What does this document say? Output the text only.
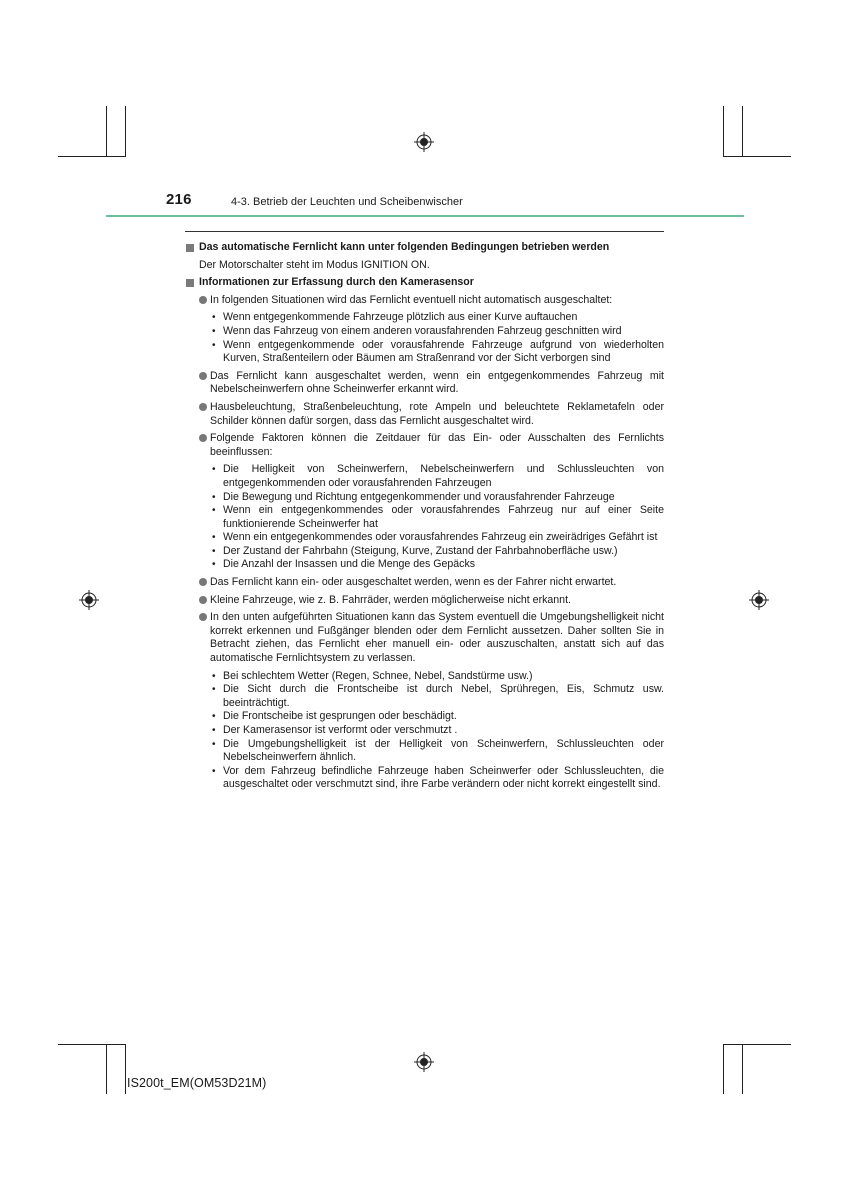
216	4-3. Betrieb der Leuchten und Scheibenwischer
Das automatische Fernlicht kann unter folgenden Bedingungen betrieben werden
Der Motorschalter steht im Modus IGNITION ON.
Informationen zur Erfassung durch den Kamerasensor
In folgenden Situationen wird das Fernlicht eventuell nicht automatisch ausgeschaltet:
• Wenn entgegenkommende Fahrzeuge plötzlich aus einer Kurve auftauchen
• Wenn das Fahrzeug von einem anderen vorausfahrenden Fahrzeug geschnitten wird
• Wenn entgegenkommende oder vorausfahrende Fahrzeuge aufgrund von wiederholten Kurven, Straßenteilern oder Bäumen am Straßenrand vor der Sicht verborgen sind
Das Fernlicht kann ausgeschaltet werden, wenn ein entgegenkommendes Fahrzeug mit Nebelscheinwerfern ohne Scheinwerfer erkannt wird.
Hausbeleuchtung, Straßenbeleuchtung, rote Ampeln und beleuchtete Reklametafeln oder Schilder können dafür sorgen, dass das Fernlicht ausgeschaltet wird.
Folgende Faktoren können die Zeitdauer für das Ein- oder Ausschalten des Fernlichts beeinflussen:
• Die Helligkeit von Scheinwerfern, Nebelscheinwerfern und Schlussleuchten von entgegenkommenden oder vorausfahrenden Fahrzeugen
• Die Bewegung und Richtung entgegenkommender und vorausfahrender Fahrzeuge
• Wenn ein entgegenkommendes oder vorausfahrendes Fahrzeug nur auf einer Seite funktionierende Scheinwerfer hat
• Wenn ein entgegenkommendes oder vorausfahrendes Fahrzeug ein zweirädriges Gefährt ist
• Der Zustand der Fahrbahn (Steigung, Kurve, Zustand der Fahrbahnoberfläche usw.)
• Die Anzahl der Insassen und die Menge des Gepäcks
Das Fernlicht kann ein- oder ausgeschaltet werden, wenn es der Fahrer nicht erwartet.
Kleine Fahrzeuge, wie z. B. Fahrräder, werden möglicherweise nicht erkannt.
In den unten aufgeführten Situationen kann das System eventuell die Umgebungshelligkeit nicht korrekt erkennen und Fußgänger blenden oder dem Fernlicht aussetzen. Daher sollten Sie in Betracht ziehen, das Fernlicht eher manuell ein- oder auszuschalten, anstatt sich auf das automatische Fernlichtsystem zu verlassen.
• Bei schlechtem Wetter (Regen, Schnee, Nebel, Sandstürme usw.)
• Die Sicht durch die Frontscheibe ist durch Nebel, Sprühregen, Eis, Schmutz usw. beeinträchtigt.
• Die Frontscheibe ist gesprungen oder beschädigt.
• Der Kamerasensor ist verformt oder verschmutzt .
• Die Umgebungshelligkeit ist der Helligkeit von Scheinwerfern, Schlussleuchten oder Nebelscheinwerfern ähnlich.
• Vor dem Fahrzeug befindliche Fahrzeuge haben Scheinwerfer oder Schlussleuchten, die ausgeschaltet oder verschmutzt sind, ihre Farbe verändern oder nicht korrekt eingestellt sind.
IS200t_EM(OM53D21M)
